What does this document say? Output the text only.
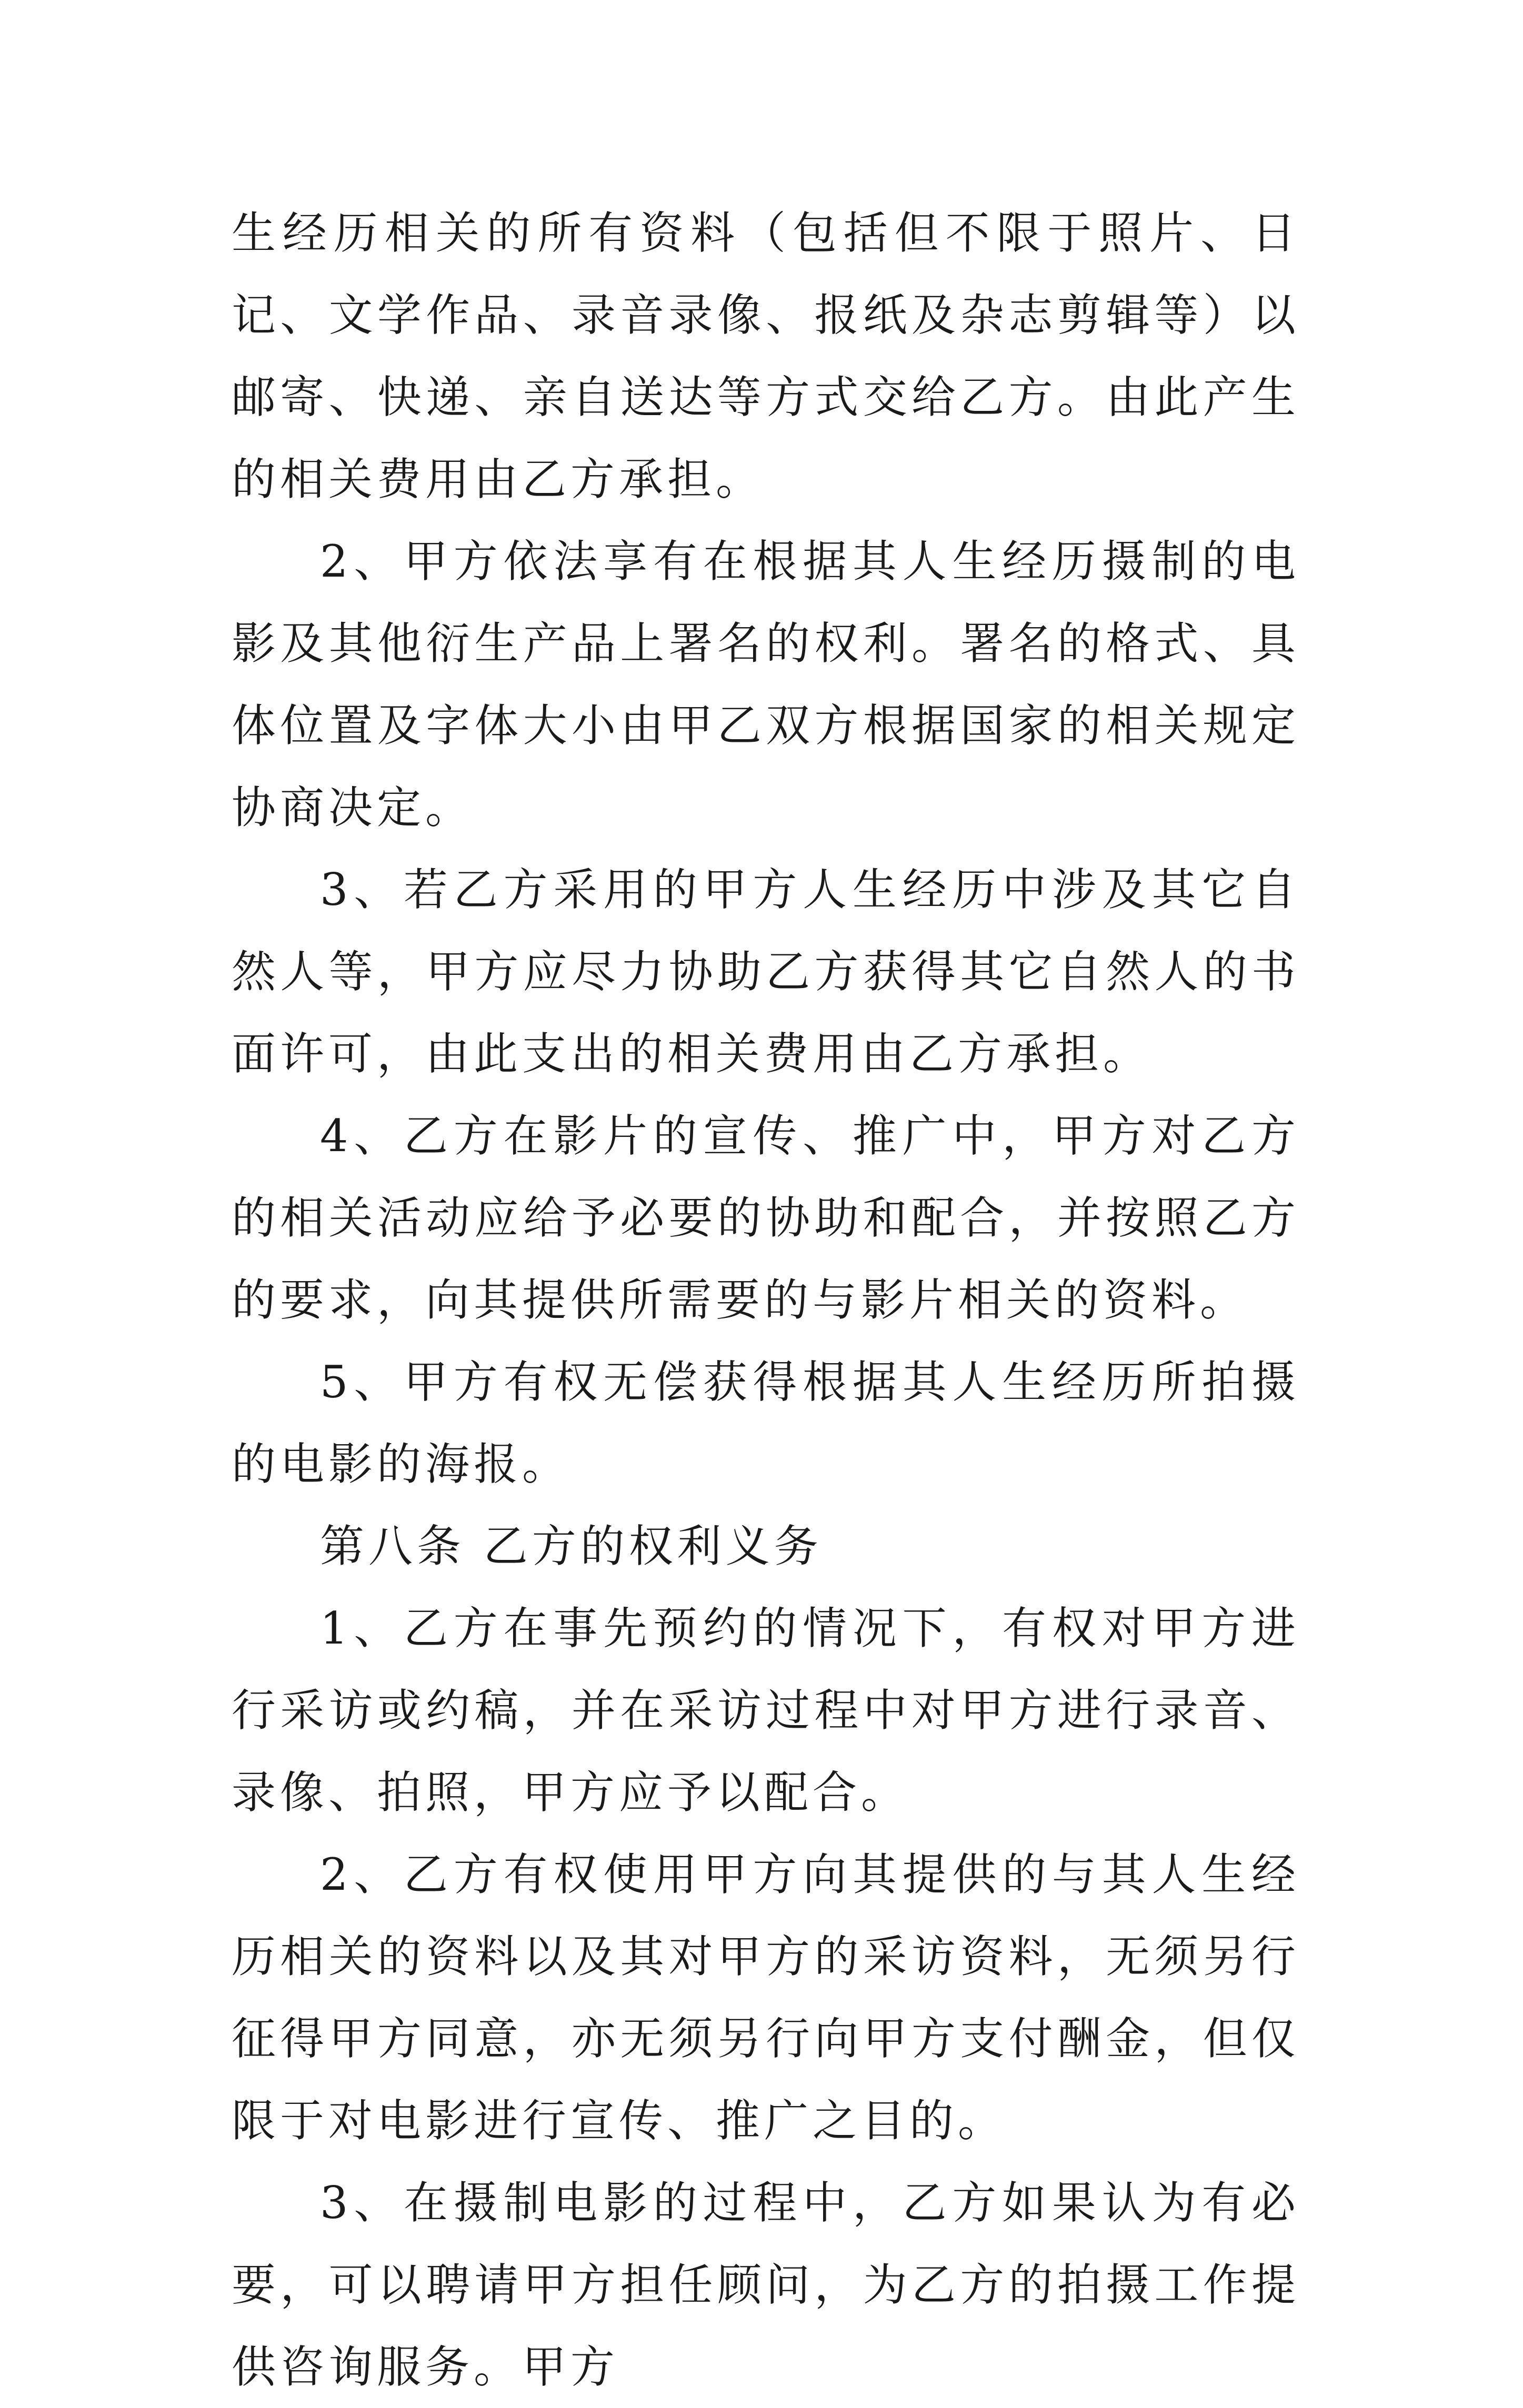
生经历相关的所有资料（包括但不限于照片、日记、文学作品、录音录像、报纸及杂志剪辑等）以邮寄、快递、亲自送达等方式交给乙方。由此产生的相关费用由乙方承担。

2、甲方依法享有在根据其人生经历摄制的电影及其他衍生产品上署名的权利。署名的格式、具体位置及字体大小由甲乙双方根据国家的相关规定协商决定。

3、若乙方采用的甲方人生经历中涉及其它自然人等，甲方应尽力协助乙方获得其它自然人的书面许可，由此支出的相关费用由乙方承担。

4、乙方在影片的宣传、推广中，甲方对乙方的相关活动应给予必要的协助和配合，并按照乙方的要求，向其提供所需要的与影片相关的资料。

5、甲方有权无偿获得根据其人生经历所拍摄的电影的海报。

第八条 乙方的权利义务

1、乙方在事先预约的情况下，有权对甲方进行采访或约稿，并在采访过程中对甲方进行录音、录像、拍照，甲方应予以配合。

2、乙方有权使用甲方向其提供的与其人生经历相关的资料以及其对甲方的采访资料，无须另行征得甲方同意，亦无须另行向甲方支付酬金，但仅限于对电影进行宣传、推广之目的。

3、在摄制电影的过程中，乙方如果认为有必要，可以聘请甲方担任顾问，为乙方的拍摄工作提供咨询服务。甲方
